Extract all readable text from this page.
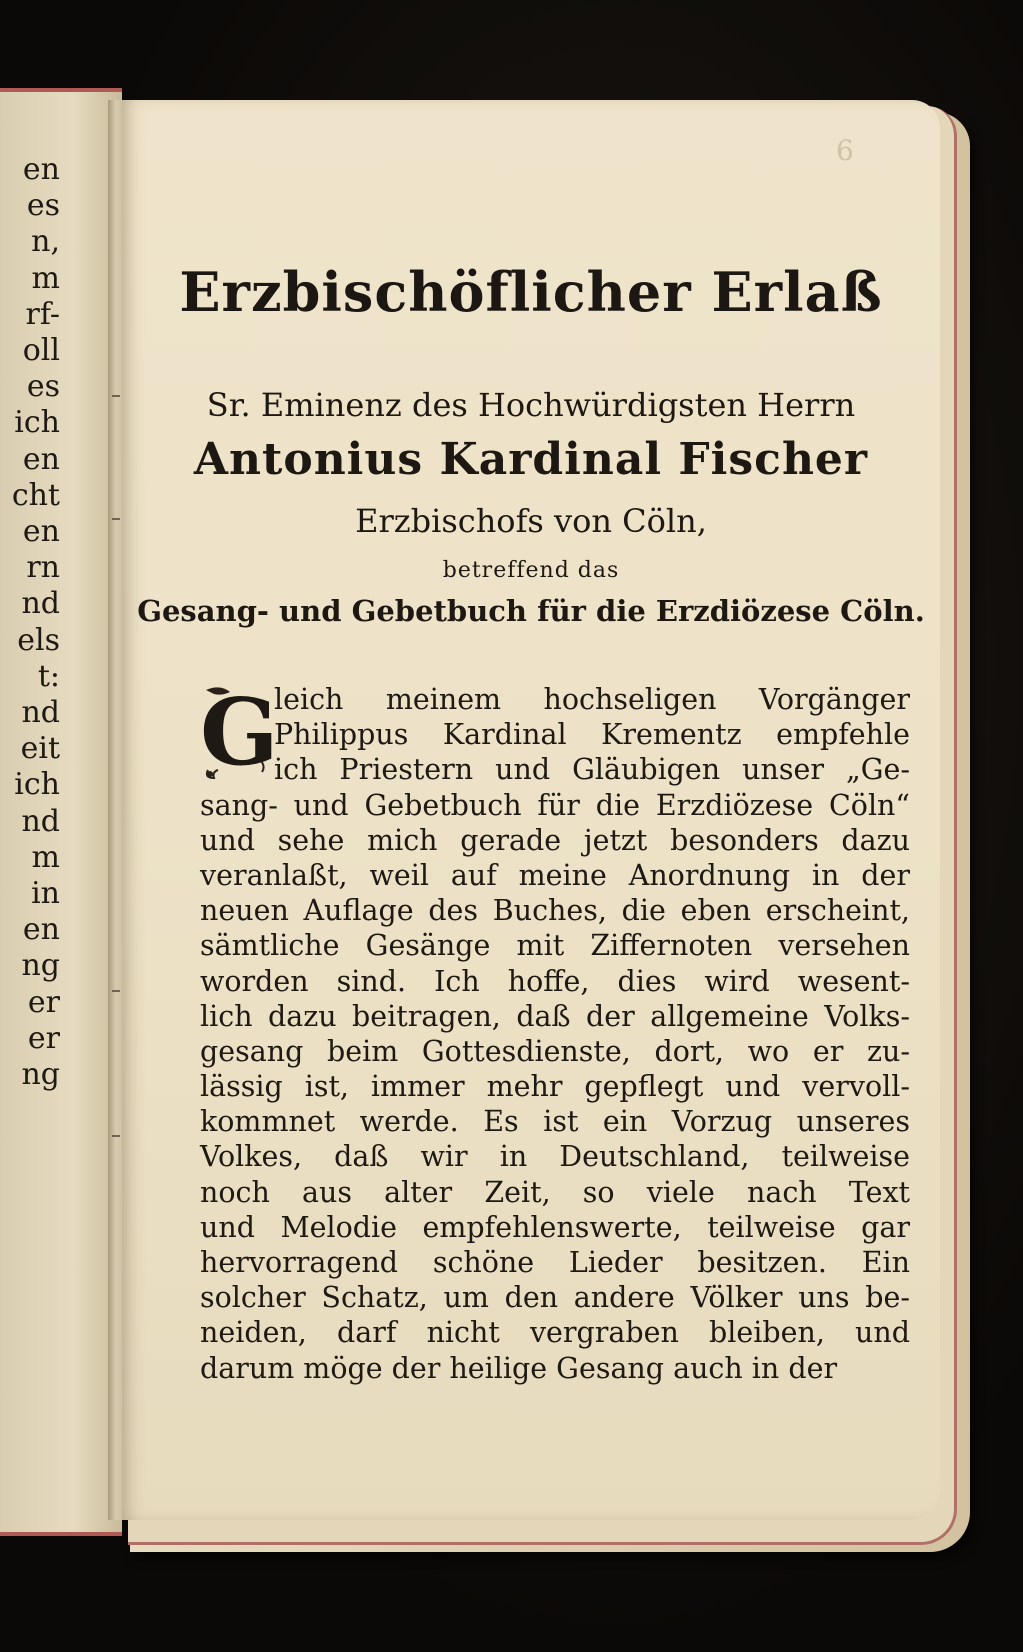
en
es
n,
m
rf-
oll
es
ich
en
cht
en
rn
nd
els
t:
nd
eit
ich
nd
m
in
en
ng
er
er
ng
6
Erzbischöflicher Erlaß
Sr. Eminenz des Hochwürdigsten Herrn
Antonius Kardinal Fischer
Erzbischofs von Cöln,
betreffend das
Gesang- und Gebetbuch für die Erzdiözese Cöln.
G
leich meinem hochseligen Vorgänger
Philippus Kardinal Krementz empfehle
ich Priestern und Gläubigen unser „Ge-
sang- und Gebetbuch für die Erzdiözese Cöln“
und sehe mich gerade jetzt besonders dazu
veranlaßt, weil auf meine Anordnung in der
neuen Auflage des Buches, die eben erscheint,
sämtliche Gesänge mit Ziffernoten versehen
worden sind. Ich hoffe, dies wird wesent-
lich dazu beitragen, daß der allgemeine Volks-
gesang beim Gottesdienste, dort, wo er zu-
lässig ist, immer mehr gepflegt und vervoll-
kommnet werde. Es ist ein Vorzug unseres
Volkes, daß wir in Deutschland, teilweise
noch aus alter Zeit, so viele nach Text
und Melodie empfehlenswerte, teilweise gar
hervorragend schöne Lieder besitzen. Ein
solcher Schatz, um den andere Völker uns be-
neiden, darf nicht vergraben bleiben, und
darum möge der heilige Gesang auch in der
